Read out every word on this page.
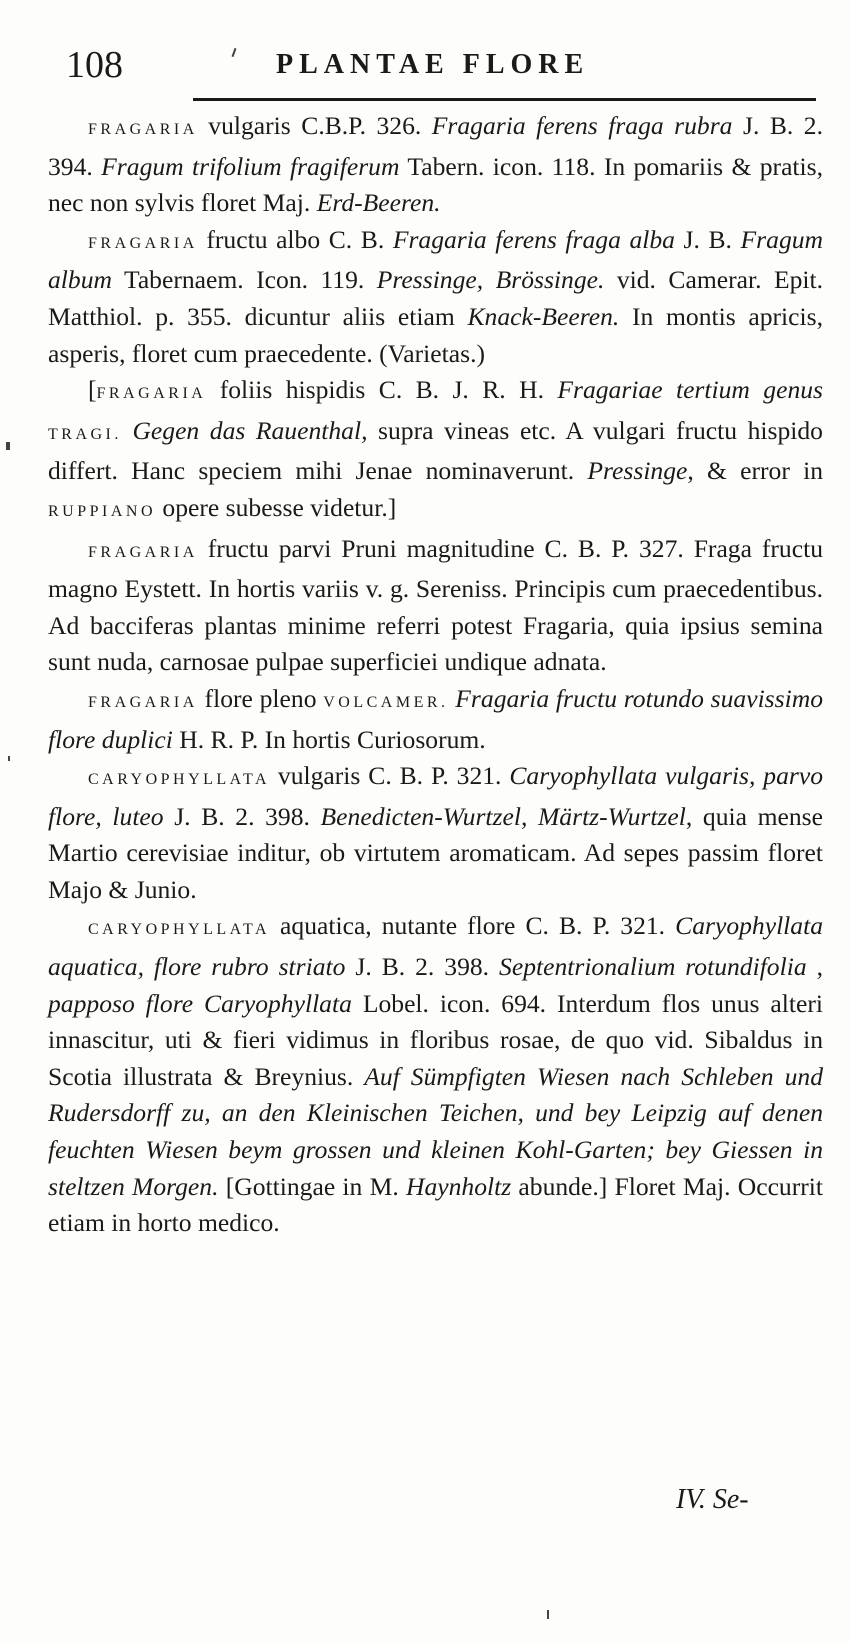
108	PLANTAE FLORE

FRAGARIA vulgaris C.B.P. 326. Fragaria ferens fraga rubra J. B. 2. 394. Fragum trifolium fragiferum Tabern. icon. 118. In pomariis & pratis, nec non sylvis floret Maj. Erd-Beeren.

FRAGARIA fructu albo C. B. Fragaria ferens fraga alba J. B. Fragum album Tabernaem. Icon. 119. Pressinge, Brössinge. vid. Camerar. Epit. Matthiol. p. 355. dicuntur aliis etiam Knack-Beeren. In montis apricis, asperis, floret cum praecedente. (Varietas.)

[FRAGARIA foliis hispidis C. B. J. R. H. Fragariae tertium genus TRAGI. Gegen das Rauenthal, supra vineas etc. A vulgari fructu hispido differt. Hanc speciem mihi Jenae nominaverunt. Pressinge, & error in RUPPIANO opere subesse videtur.]

FRAGARIA fructu parvi Pruni magnitudine C. B. P. 327. Fraga fructu magno Eystett. In hortis variis v. g. Sereniss. Principis cum praecedentibus. Ad bacciferas plantas minime referri potest Fragaria, quia ipsius semina sunt nuda, carnosae pulpae superficiei undique adnata.

FRAGARIA flore pleno VOLCAMER. Fragaria fructu rotundo suavissimo flore duplici H. R. P. In hortis Curiosorum.

CARYOPHYLLATA vulgaris C. B. P. 321. Caryophyllata vulgaris, parvo flore, luteo J. B. 2. 398. Benedicten-Wurtzel, Märtz-Wurtzel, quia mense Martio cerevisiae inditur, ob virtutem aromaticam. Ad sepes passim floret Majo & Junio.

CARYOPHYLLATA aquatica, nutante flore C. B. P. 321. Caryophyllata aquatica, flore rubro striato J. B. 2. 398. Septentrionalium rotundifolia , papposo flore Caryophyllata Lobel. icon. 694. Interdum flos unus alteri innascitur, uti & fieri vidimus in floribus rosae, de quo vid. Sibaldus in Scotia illustrata & Breynius. Auf Sümpfigten Wiesen nach Schleben und Rudersdorff zu, an den Kleinischen Teichen, und bey Leipzig auf denen feuchten Wiesen beym grossen und kleinen Kohl-Garten; bey Giessen in steltzen Morgen. [Gottingae in M. Haynholtz abunde.] Floret Maj. Occurrit etiam in horto medico.

IV. Se-
